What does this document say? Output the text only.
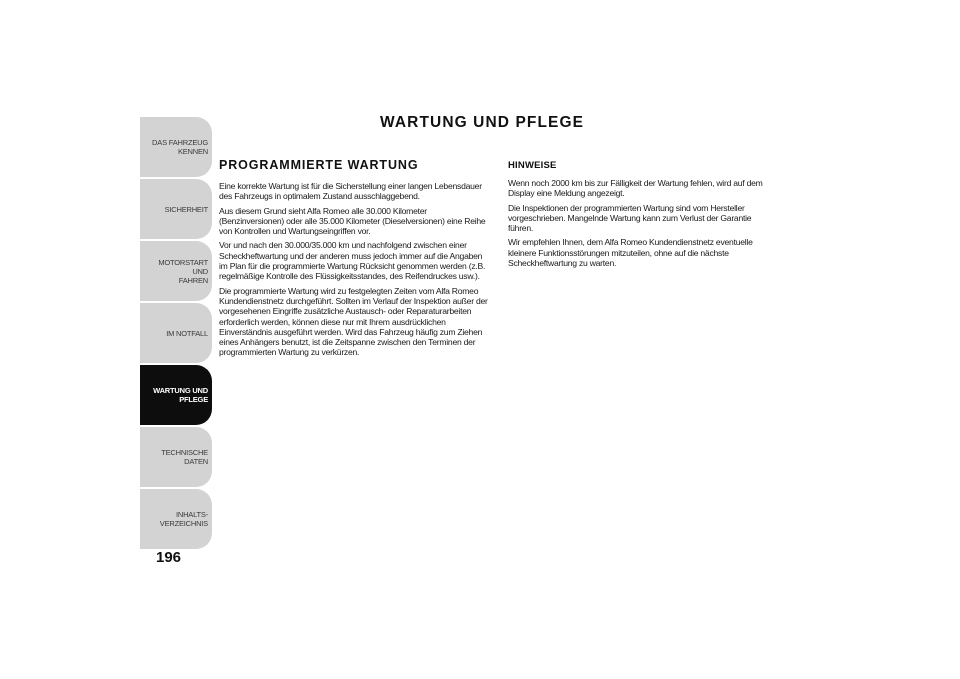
DAS FAHRZEUG
KENNEN
SICHERHEIT
MOTORSTART UND
FAHREN
IM NOTFALL
WARTUNG UND
PFLEGE
TECHNISCHE DATEN
INHALTS-
VERZEICHNIS
196
WARTUNG UND PFLEGE
PROGRAMMIERTE WARTUNG

Eine korrekte Wartung ist für die Sicherstellung einer langen Lebensdauer des Fahrzeugs in optimalem Zustand ausschlaggebend.

Aus diesem Grund sieht Alfa Romeo alle 30.000 Kilometer (Benzinversionen) oder alle 35.000 Kilometer (Dieselversionen) eine Reihe von Kontrollen und Wartungseingriffen vor.

Vor und nach den 30.000/35.000 km und nachfolgend zwischen einer Scheckheftwartung und der anderen muss jedoch immer auf die Angaben im Plan für die programmierte Wartung Rücksicht genommen werden (z.B. regelmäßige Kontrolle des Flüssigkeitsstandes, des Reifendruckes usw.).

Die programmierte Wartung wird zu festgelegten Zeiten vom Alfa Romeo Kundendienstnetz durchgeführt. Sollten im Verlauf der Inspektion außer der vorgesehenen Eingriffe zusätzliche Austausch- oder Reparaturarbeiten erforderlich werden, können diese nur mit Ihrem ausdrücklichen Einverständnis ausgeführt werden. Wird das Fahrzeug häufig zum Ziehen eines Anhängers benutzt, ist die Zeitspanne zwischen den Terminen der programmierten Wartung zu verkürzen.

HINWEISE

Wenn noch 2000 km bis zur Fälligkeit der Wartung fehlen, wird auf dem Display eine Meldung angezeigt.

Die Inspektionen der programmierten Wartung sind vom Hersteller vorgeschrieben. Mangelnde Wartung kann zum Verlust der Garantie führen.

Wir empfehlen Ihnen, dem Alfa Romeo Kundendienstnetz eventuelle kleinere Funktionsstörungen mitzuteilen, ohne auf die nächste Scheckheftwartung zu warten.
